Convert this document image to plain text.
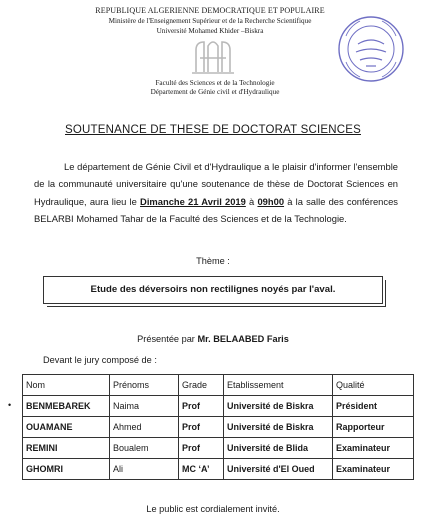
REPUBLIQUE ALGERIENNE DEMOCRATIQUE ET POPULAIRE
Ministère de l'Enseignement Supérieur et de la Recherche Scientifique
Université Mohamed Khider –Biskra
Faculté des Sciences et de la Technologie
Département de Génie civil et d'Hydraulique
SOUTENANCE DE THESE DE DOCTORAT SCIENCES
Le département de Génie Civil et d'Hydraulique a le plaisir d'informer l'ensemble de la communauté universitaire qu'une soutenance de thèse de Doctorat Sciences en Hydraulique, aura lieu le Dimanche 21 Avril 2019 à 09h00 à la salle des conférences BELARBI Mohamed Tahar de la Faculté des Sciences et de la Technologie.
Thème :
Etude des déversoirs non rectilignes noyés par l'aval.
Présentée par Mr. BELAABED Faris
Devant le jury composé de :
•
Nom	Prénoms	Grade	Etablissement	Qualité
BENMEBAREK	Naima	Prof	Université de Biskra	Président
OUAMANE	Ahmed	Prof	Université de Biskra	Rapporteur
REMINI	Boualem	Prof	Université de Blida	Examinateur
GHOMRI	Ali	MC ‘A’	Université d'El Oued	Examinateur
Le public est cordialement invité.
